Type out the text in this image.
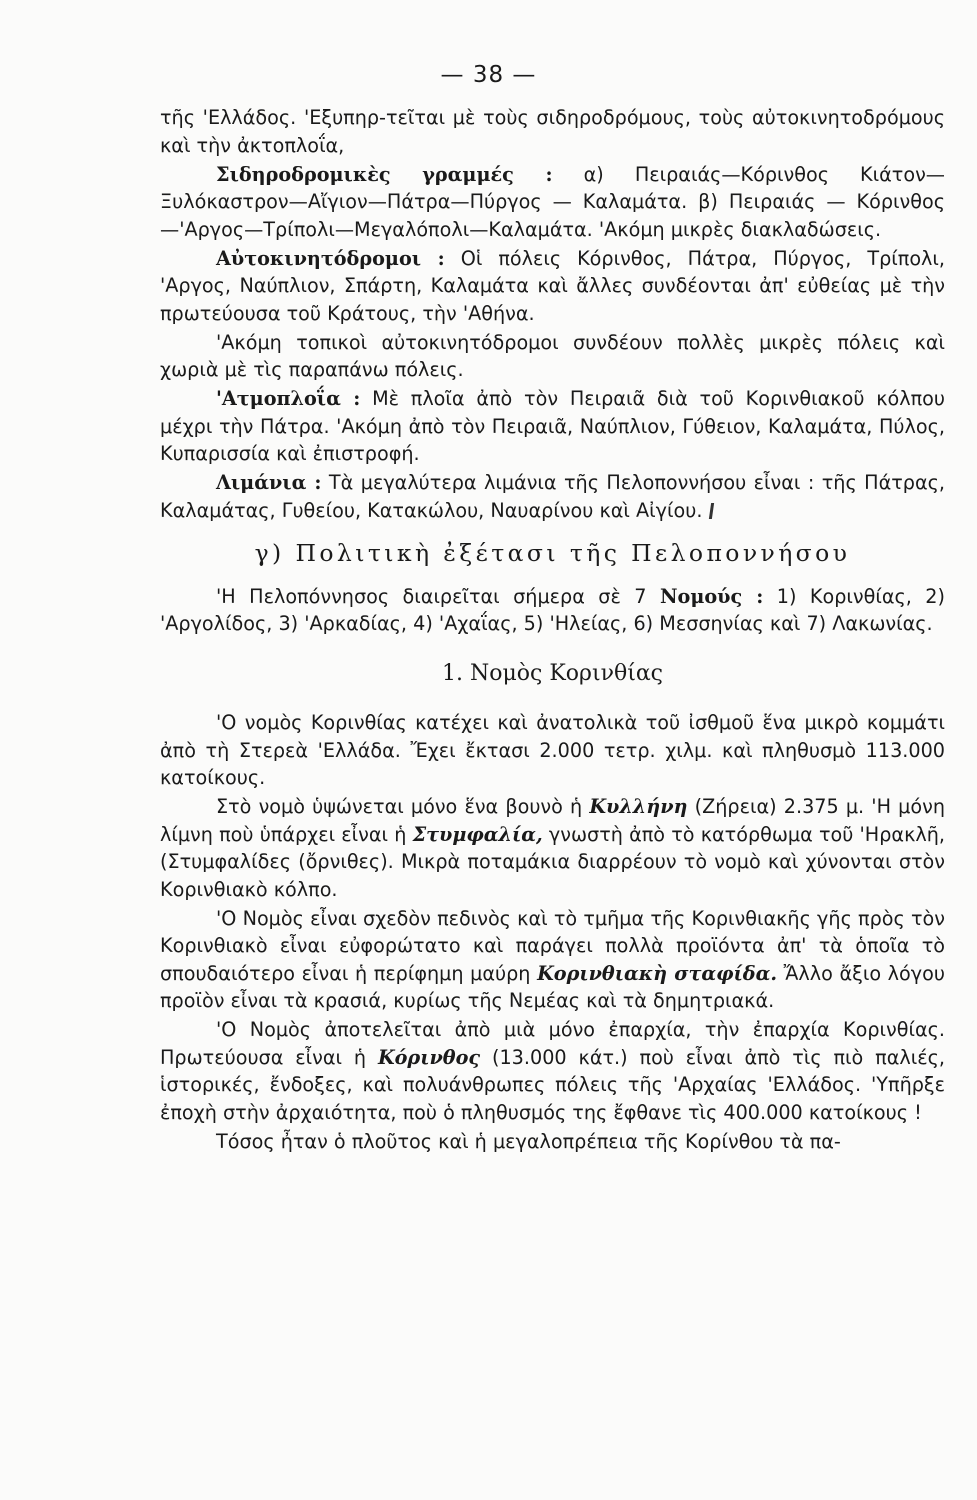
— 38 —

τῆς 'Ελλάδος. 'Εξυπηρ-τεῖται μὲ τοὺς σιδηροδρόμους, τοὺς αὐτοκινητοδρόμους καὶ τὴν ἀκτοπλοΐα,

Σιδηροδρομικὲς γραμμές : α) Πειραιάς—Κόρινθος Κιάτον—Ξυλόκαστρον—Αἴγιον—Πάτρα—Πύργος — Καλαμάτα. β) Πειραιάς — Κόρινθος—'Αργος—Τρίπολι—Μεγαλόπολι—Καλαμάτα. 'Ακόμη μικρὲς διακλαδώσεις.

Αὐτοκινητόδρομοι : Οἱ πόλεις Κόρινθος, Πάτρα, Πύργος, Τρίπολι, 'Αργος, Ναύπλιον, Σπάρτη, Καλαμάτα καὶ ἄλλες συνδέονται ἀπ' εὐθείας μὲ τὴν πρωτεύουσα τοῦ Κράτους, τὴν 'Αθήνα.

'Ακόμη τοπικοὶ αὐτοκινητόδρομοι συνδέουν πολλὲς μικρὲς πόλεις καὶ χωριὰ μὲ τὶς παραπάνω πόλεις.

'Ατμοπλοΐα : Μὲ πλοῖα ἀπὸ τὸν Πειραιᾶ διὰ τοῦ Κορινθιακοῦ κόλπου μέχρι τὴν Πάτρα. 'Ακόμη ἀπὸ τὸν Πειραιᾶ, Ναύπλιον, Γύθειον, Καλαμάτα, Πύλος, Κυπαρισσία καὶ ἐπιστροφή.

Λιμάνια : Τὰ μεγαλύτερα λιμάνια τῆς Πελοποννήσου εἶναι : τῆς Πάτρας, Καλαμάτας, Γυθείου, Κατακώλου, Ναυαρίνου καὶ Αἰγίου.

γ) Πολιτικὴ ἐξέτασι τῆς Πελοποννήσου

'Η Πελοπόννησος διαιρεῖται σήμερα σὲ 7 Νομούς : 1) Κορινθίας, 2) 'Αργολίδος, 3) 'Αρκαδίας, 4) 'Αχαΐας, 5) 'Ηλείας, 6) Μεσσηνίας καὶ 7) Λακωνίας.

1. Νομὸς Κορινθίας

'Ο νομὸς Κορινθίας κατέχει καὶ ἀνατολικὰ τοῦ ἰσθμοῦ ἕνα μικρὸ κομμάτι ἀπὸ τὴ Στερεὰ 'Ελλάδα. Ἔχει ἔκτασι 2.000 τετρ. χιλμ. καὶ πληθυσμὸ 113.000 κατοίκους.

Στὸ νομὸ ὑψώνεται μόνο ἕνα βουνὸ ἡ Κυλλήνη (Ζήρεια) 2.375 μ. 'Η μόνη λίμνη ποὺ ὑπάρχει εἶναι ἡ Στυμφαλία, γνωστὴ ἀπὸ τὸ κατόρθωμα τοῦ 'Ηρακλῆ, (Στυμφαλίδες (ὄρνιθες). Μικρὰ ποταμάκια διαρρέουν τὸ νομὸ καὶ χύνονται στὸν Κορινθιακὸ κόλπο.

'Ο Νομὸς εἶναι σχεδὸν πεδινὸς καὶ τὸ τμῆμα τῆς Κορινθιακῆς γῆς πρὸς τὸν Κορινθιακὸ εἶναι εὐφορώτατο καὶ παράγει πολλὰ προϊόντα ἀπ' τὰ ὁποῖα τὸ σπουδαιότερο εἶναι ἡ περίφημη μαύρη Κορινθιακὴ σταφίδα. Ἄλλο ἄξιο λόγου προϊὸν εἶναι τὰ κρασιά, κυρίως τῆς Νεμέας καὶ τὰ δημητριακά.

'Ο Νομὸς ἀποτελεῖται ἀπὸ μιὰ μόνο ἐπαρχία, τὴν ἐπαρχία Κορινθίας. Πρωτεύουσα εἶναι ἡ Κόρινθος (13.000 κάτ.) ποὺ εἶναι ἀπὸ τὶς πιὸ παλιές, ἱστορικές, ἔνδοξες, καὶ πολυάνθρωπες πόλεις τῆς 'Αρχαίας 'Ελλάδος. 'Υπῆρξε ἐποχὴ στὴν ἀρχαιότητα, ποὺ ὁ πληθυσμός της ἔφθανε τὶς 400.000 κατοίκους !

Τόσος ἦταν ὁ πλοῦτος καὶ ἡ μεγαλοπρέπεια τῆς Κορίνθου τὰ πα-
